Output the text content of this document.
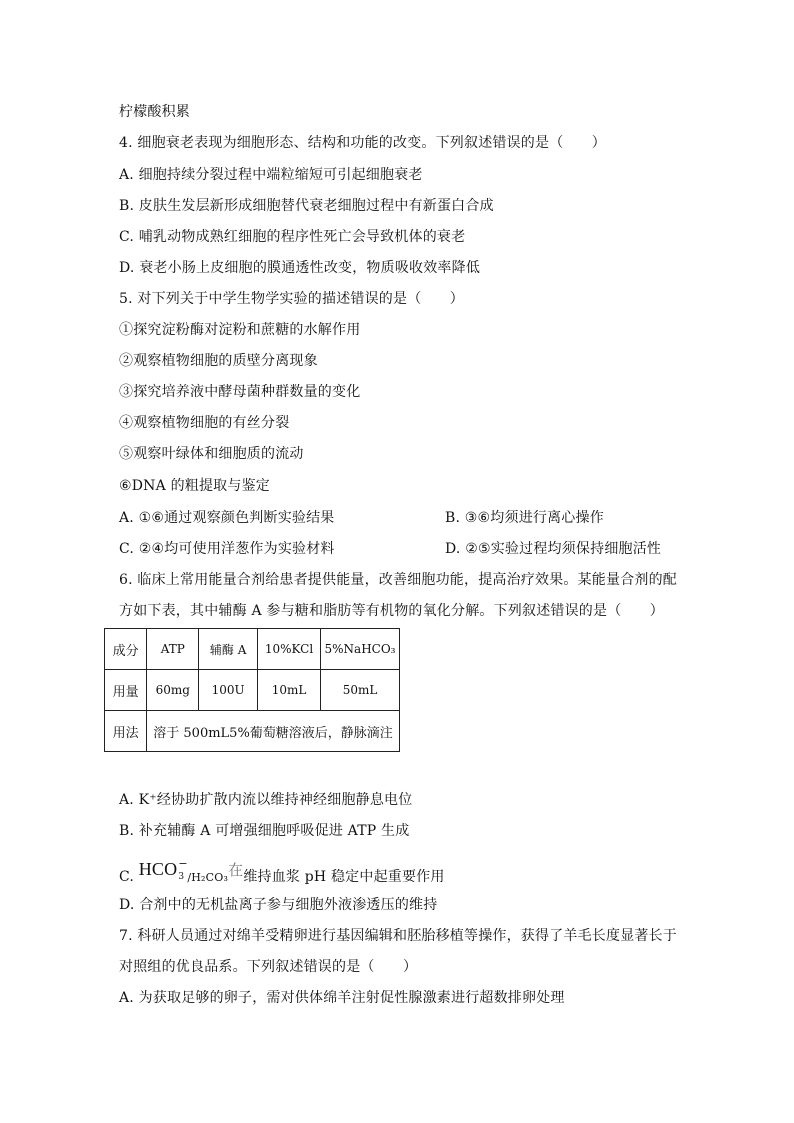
柠檬酸积累
4. 细胞衰老表现为细胞形态、结构和功能的改变。下列叙述错误的是（　　）
A. 细胞持续分裂过程中端粒缩短可引起细胞衰老
B. 皮肤生发层新形成细胞替代衰老细胞过程中有新蛋白合成
C. 哺乳动物成熟红细胞的程序性死亡会导致机体的衰老
D. 衰老小肠上皮细胞的膜通透性改变，物质吸收效率降低
5. 对下列关于中学生物学实验的描述错误的是（　　）
①探究淀粉酶对淀粉和蔗糖的水解作用
②观察植物细胞的质壁分离现象
③探究培养液中酵母菌种群数量的变化
④观察植物细胞的有丝分裂
⑤观察叶绿体和细胞质的流动
⑥DNA 的粗提取与鉴定
A. ①⑥通过观察颜色判断实验结果	B. ③⑥均须进行离心操作
C. ②④均可使用洋葱作为实验材料	D. ②⑤实验过程均须保持细胞活性
6. 临床上常用能量合剂给患者提供能量，改善细胞功能，提高治疗效果。某能量合剂的配
方如下表，其中辅酶 A 参与糖和脂肪等有机物的氧化分解。下列叙述错误的是（　　）
成分	ATP	辅酶 A	10%KCl	5%NaHCO₃
用量	60mg	100U	10mL	50mL
用法	溶于 500mL5%葡萄糖溶液后，静脉滴注			
A. K⁺经协助扩散内流以维持神经细胞静息电位
B. 补充辅酶 A 可增强细胞呼吸促进 ATP 生成
C. HCO −
3 /H₂CO₃在维持血浆 pH 稳定中起重要作用
D. 合剂中的无机盐离子参与细胞外液渗透压的维持
7. 科研人员通过对绵羊受精卵进行基因编辑和胚胎移植等操作，获得了羊毛长度显著长于
对照组的优良品系。下列叙述错误的是（　　）
A. 为获取足够的卵子，需对供体绵羊注射促性腺激素进行超数排卵处理
